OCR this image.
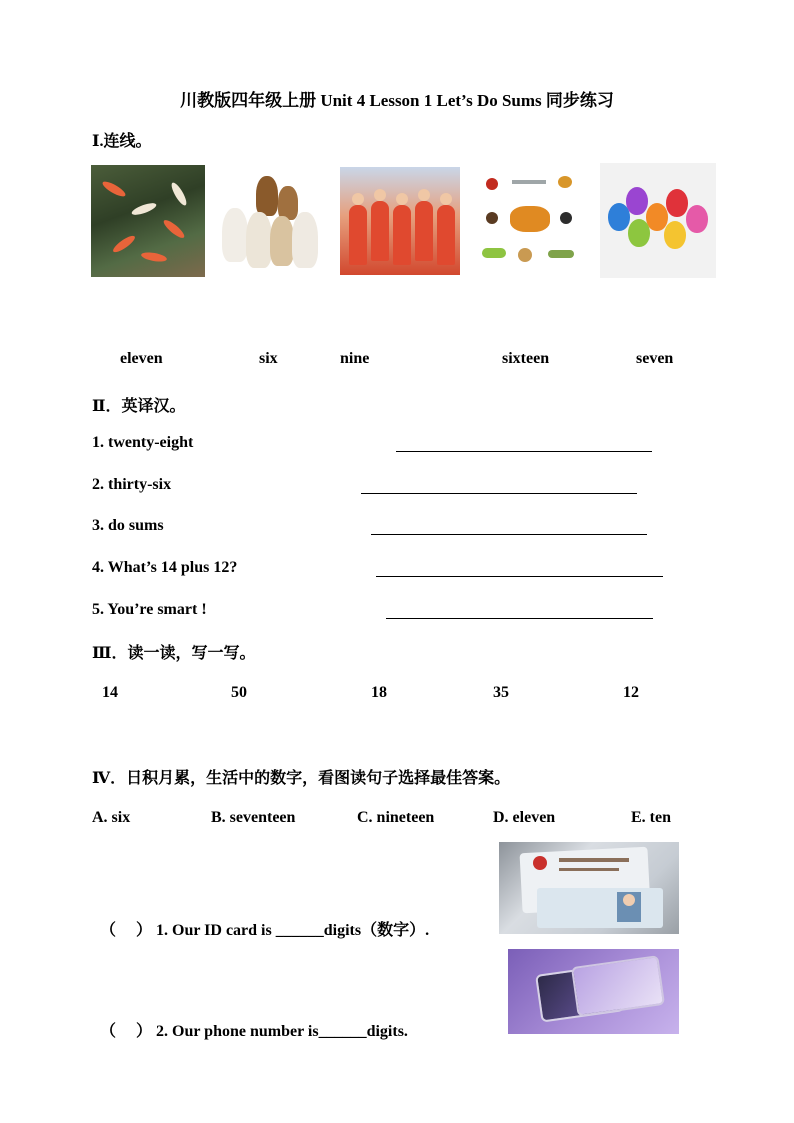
川教版四年级上册 Unit 4 Lesson 1 Let’s Do Sums 同步练习
Ⅰ.连线。
eleven	six	nine	sixteen	seven
Ⅱ．英译汉。
1. twenty-eight
2. thirty-six
3. do sums
4. What’s 14 plus 12?
5. You’re smart !
Ⅲ．读一读，写一写。
14	50	18	35	12
Ⅳ．日积月累，生活中的数字，看图读句子选择最佳答案。
A. six	B. seventeen	C. nineteen	D. eleven	E. ten
（     ） 1. Our ID card is ______digits（数字）.
（     ） 2. Our phone number is______digits.
